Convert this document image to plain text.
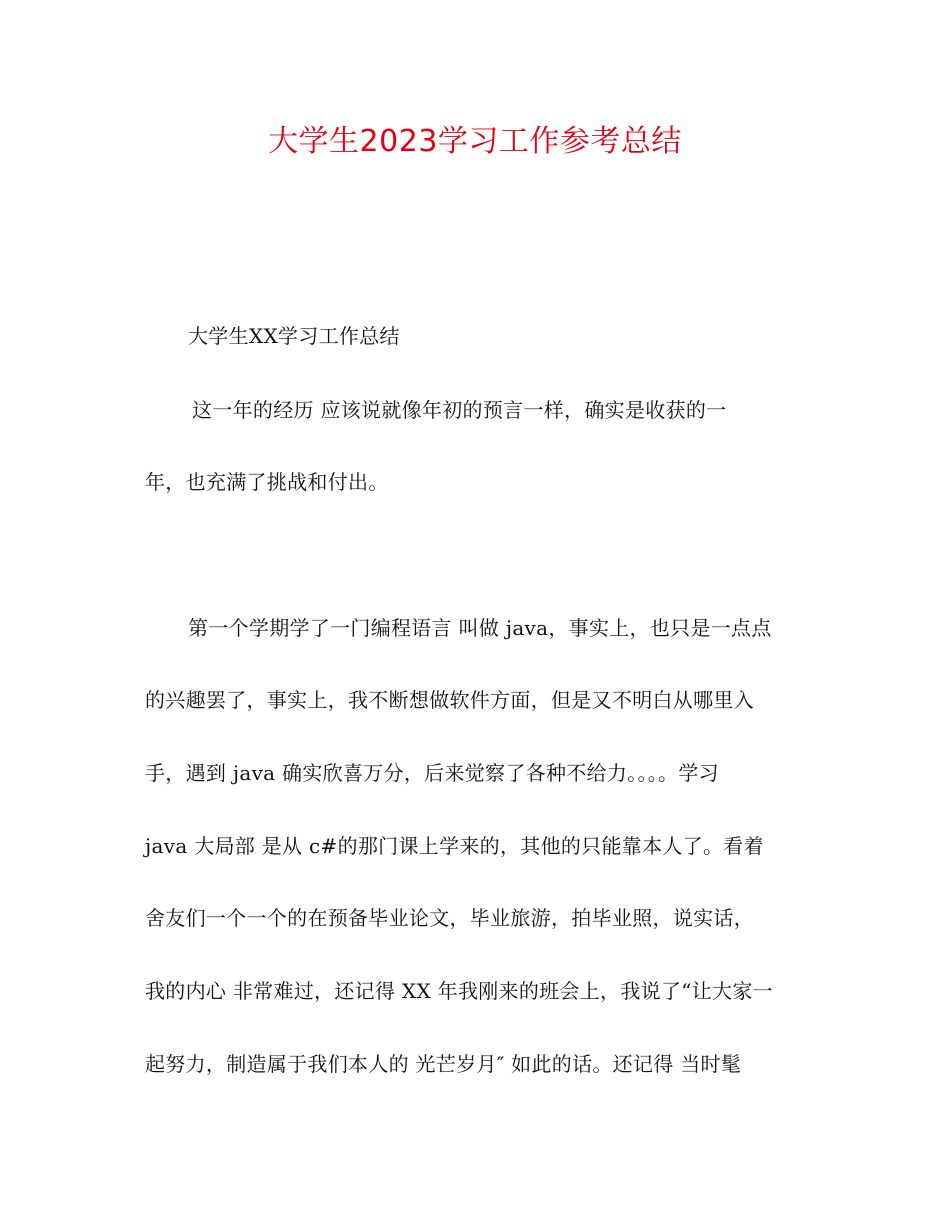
大学生2023学习工作参考总结
大学生XX学习工作总结
这一年的经历 应该说就像年初的预言一样，确实是收获的一
年，也充满了挑战和付出。
第一个学期学了一门编程语言 叫做 java，事实上，也只是一点点
的兴趣罢了，事实上，我不断想做软件方面，但是又不明白从哪里入
手，遇到 java 确实欣喜万分，后来觉察了各种不给力。。。。学习
java 大局部 是从 c#的那门课上学来的，其他的只能靠本人了。看着
舍友们一个一个的在预备毕业论文，毕业旅游，拍毕业照，说实话，
我的内心 非常难过，还记得 XX 年我刚来的班会上，我说了“让大家一
起努力，制造属于我们本人的 光芒岁月″ 如此的话。还记得 当时髦
